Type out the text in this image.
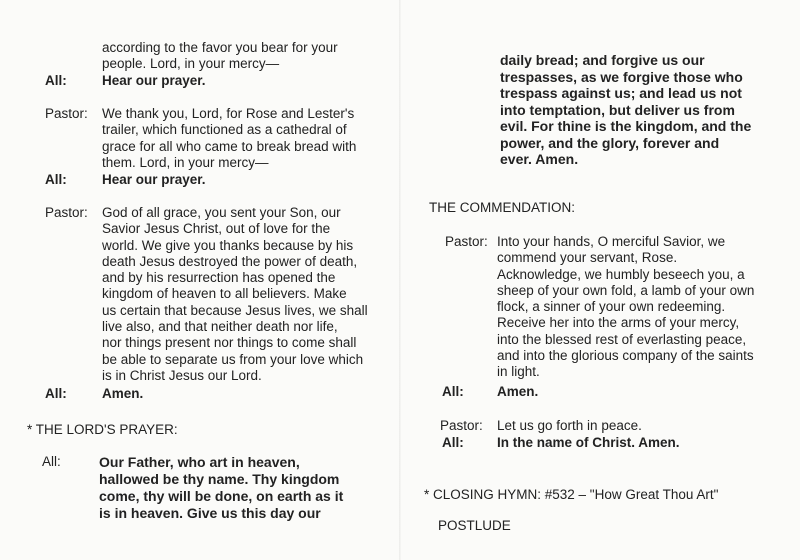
according to the favor you bear for your
people. Lord, in your mercy—
All:	Hear our prayer.
Pastor: We thank you, Lord, for Rose and Lester's
trailer, which functioned as a cathedral of
grace for all who came to break bread with
them. Lord, in your mercy—
All:	Hear our prayer.
Pastor: God of all grace, you sent your Son, our
Savior Jesus Christ, out of love for the
world. We give you thanks because by his
death Jesus destroyed the power of death,
and by his resurrection has opened the
kingdom of heaven to all believers. Make
us certain that because Jesus lives, we shall
live also, and that neither death nor life,
nor things present nor things to come shall
be able to separate us from your love which
is in Christ Jesus our Lord.
All:	Amen.
* THE LORD'S PRAYER:
All:	Our Father, who art in heaven,
hallowed be thy name. Thy kingdom
come, thy will be done, on earth as it
is in heaven. Give us this day our
daily bread; and forgive us our
trespasses, as we forgive those who
trespass against us; and lead us not
into temptation, but deliver us from
evil. For thine is the kingdom, and the
power, and the glory, forever and
ever. Amen.
THE COMMENDATION:
Pastor: Into your hands, O merciful Savior, we
commend your servant, Rose.
Acknowledge, we humbly beseech you, a
sheep of your own fold, a lamb of your own
flock, a sinner of your own redeeming.
Receive her into the arms of your mercy,
into the blessed rest of everlasting peace,
and into the glorious company of the saints
in light.
All: Amen.
Pastor: Let us go forth in peace.
All: In the name of Christ. Amen.
* CLOSING HYMN: #532 – "How Great Thou Art"
POSTLUDE
